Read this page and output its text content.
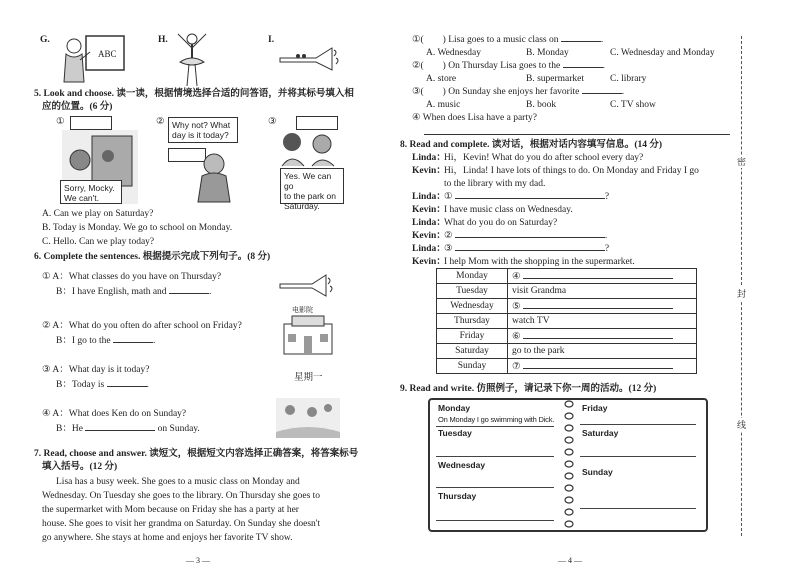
G.
ABC
H.	I.
5. Look and choose. 读一读，根据情境选择合适的问答语，并将其标号填入相
应的位置。(6 分)
①
Sorry, Mocky.
We can't.
② Why not? What
day is it today?
③
Yes. We can go
to the park on
Saturday.
A. Can we play on Saturday?
B. Today is Monday. We go to school on Monday.
C. Hello. Can we play today?
6. Complete the sentences. 根据提示完成下列句子。(8 分)
① A：What classes do you have on Thursday?
B：I have English, math and	.
② A：What do you often do after school on Friday?
B：I go to the	.
电影院
③ A：What day is it today?
B：Today is	.
星期一
④ A：What does Ken do on Sunday?
B：He	on Sunday.
7. Read, choose and answer. 读短文，根据短文内容选择正确答案，将答案标号
填入括号。(12 分)
Lisa has a busy week. She goes to a music class on Monday and
Wednesday. On Tuesday she goes to the library. On Thursday she goes to
the supermarket with Mom because on Friday she has a party at her
house. She goes to visit her grandma on Saturday. On Sunday she doesn't
go anywhere. She stays at home and enjoys her favorite TV show.
— 3 —
①(　　) Lisa goes to a music class on	.
A. Wednesday	B. Monday	C. Wednesday and Monday
②(　　) On Thursday Lisa goes to the	.
A. store	B. supermarket	C. library
③(　　) On Sunday she enjoys her favorite	.
A. music	B. book	C. TV show
④ When does Lisa have a party?
8. Read and complete. 读对话，根据对话内容填写信息。(14 分)
Linda：
Hi，Kevin! What do you do after school every day?
Kevin：
Hi，Linda! I have lots of things to do. On Monday and Friday I go
to the library with my dad.
Linda：
①	?
Kevin：
I have music class on Wednesday.
Linda：
What do you do on Saturday?
Kevin：
②	.
Linda：
③	?
Kevin：
I help Mom with the shopping in the supermarket.
Monday	④
Tuesday	visit Grandma
Wednesday	⑤
Thursday	watch TV
Friday	⑥
Saturday	go to the park
Sunday	⑦
9. Read and write. 仿照例子，请记录下你一周的活动。(12 分)
Monday
On Monday I go swimming with Dick.
Tuesday
Wednesday
Thursday
Friday
Saturday
Sunday
— 4 —
密
封
线
